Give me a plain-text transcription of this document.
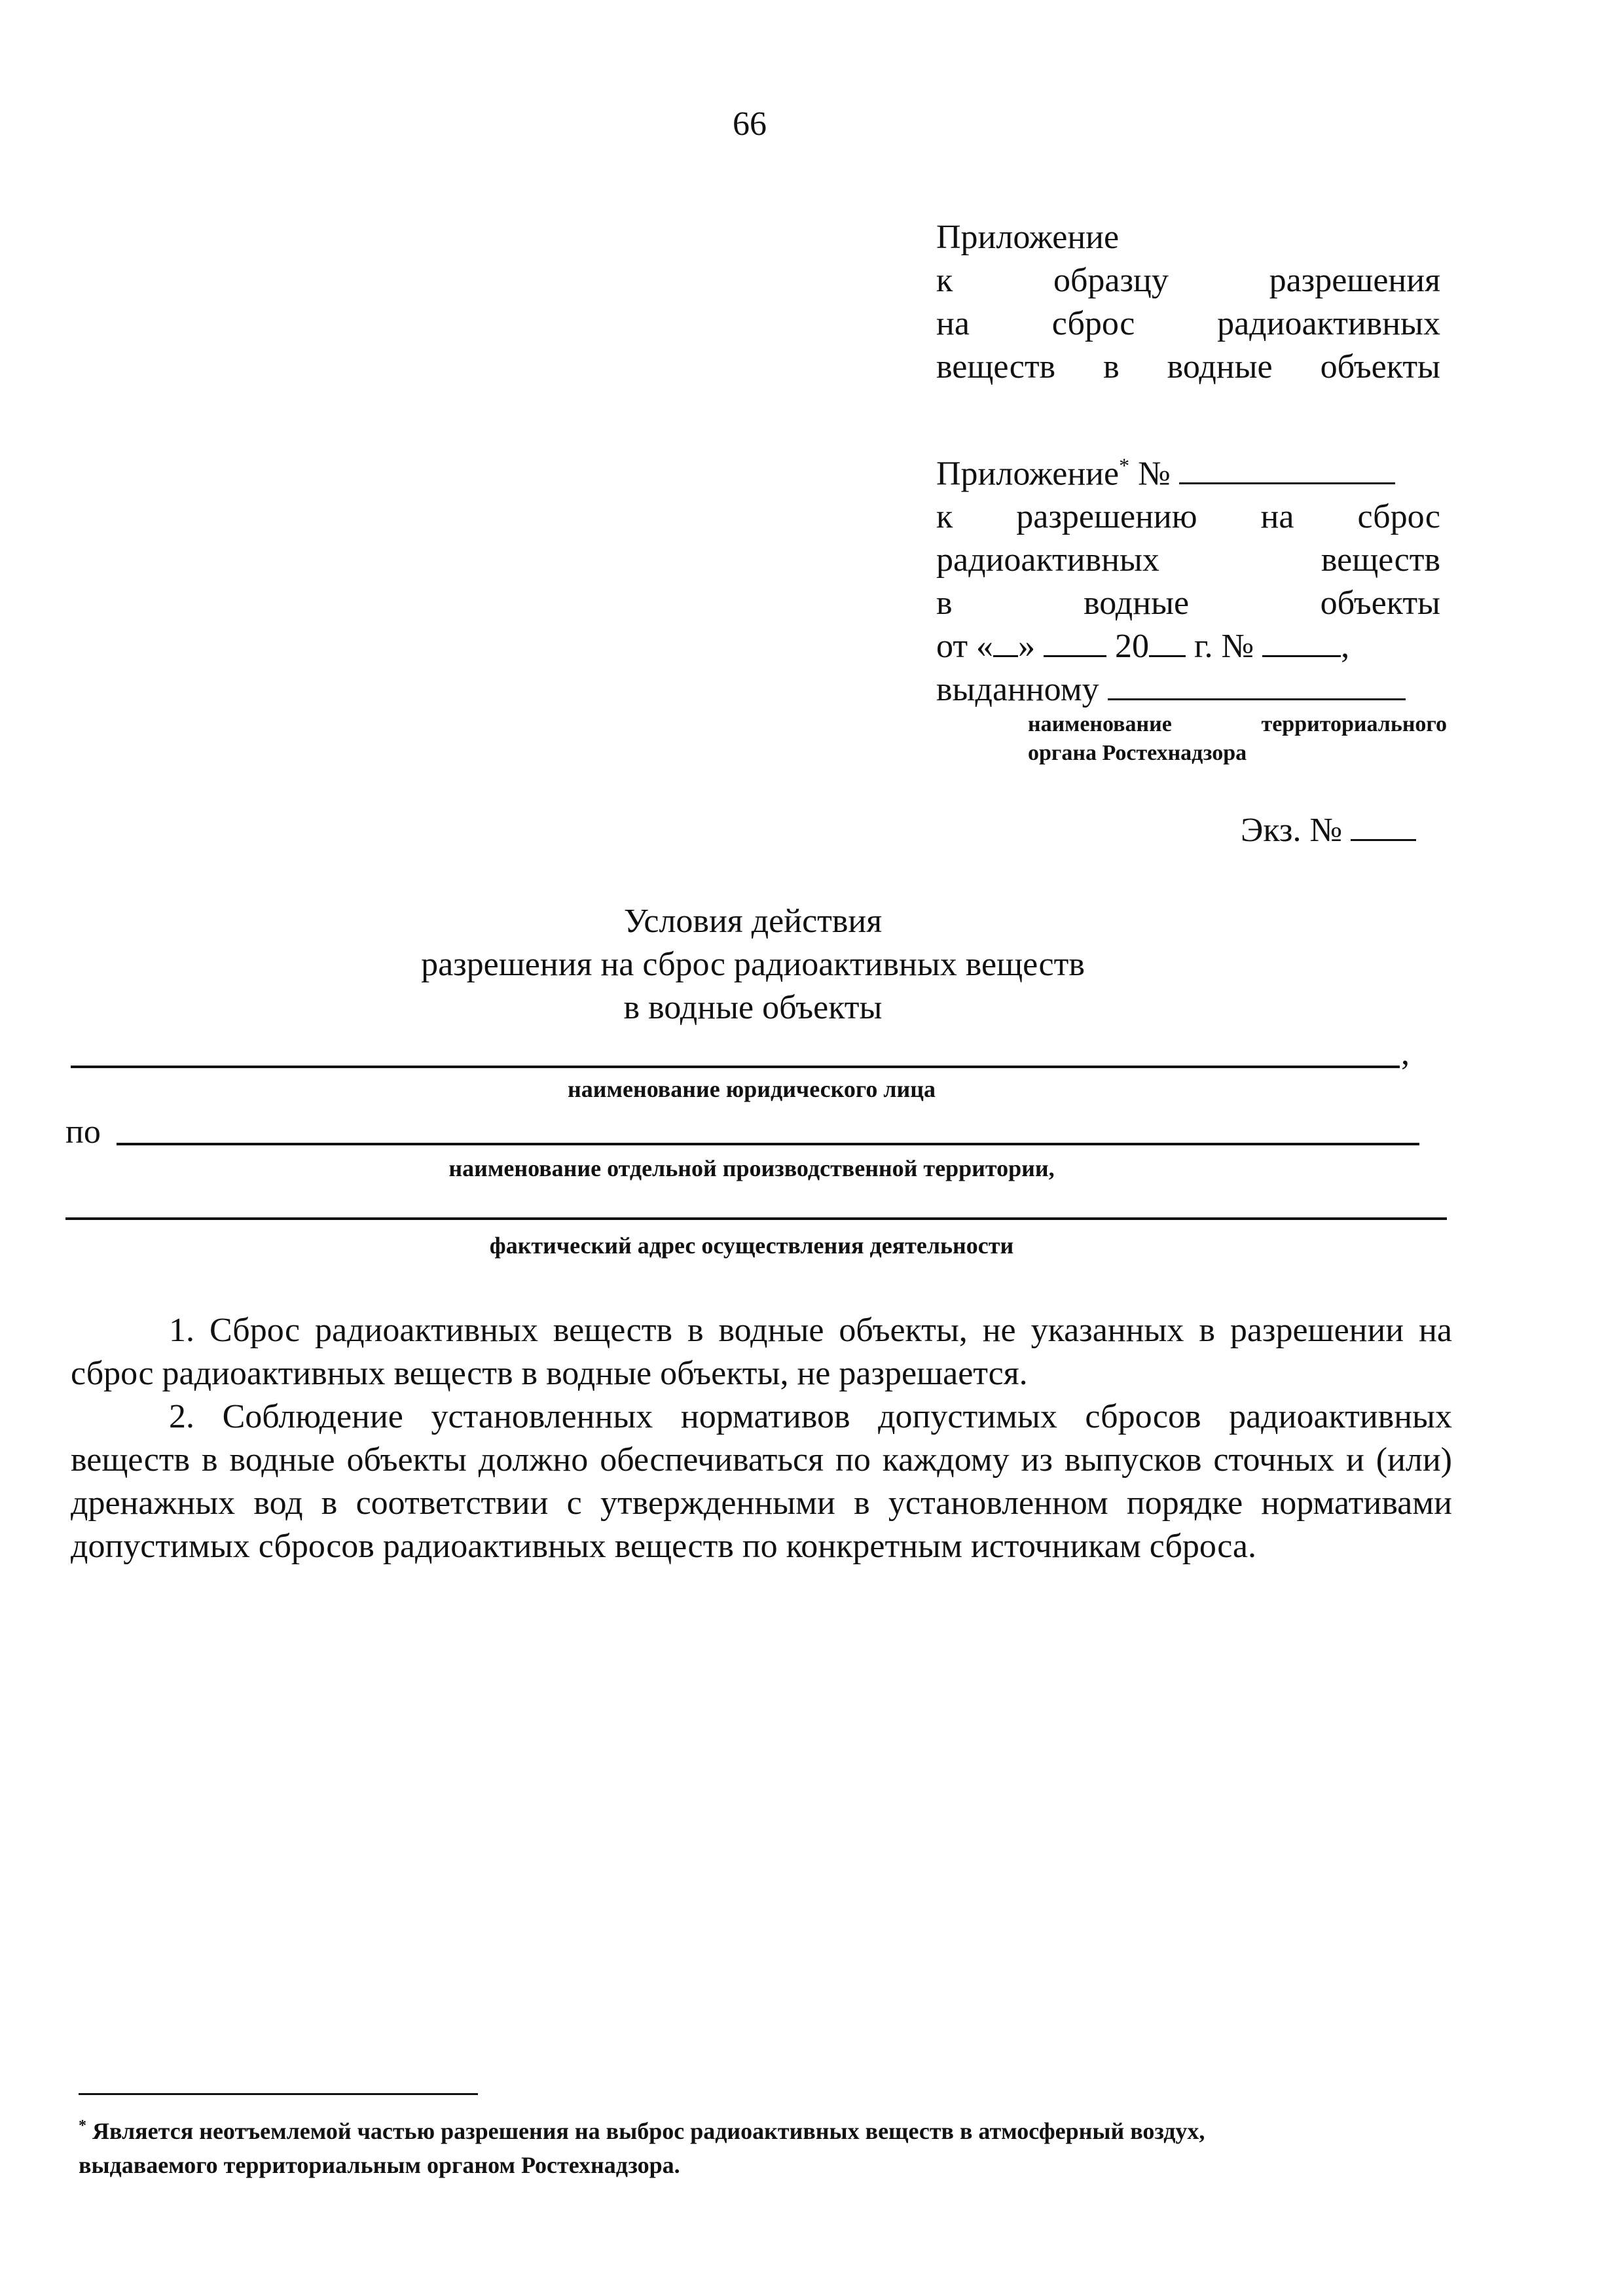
66
Приложение
к образцу разрешения
на сброс радиоактивных
веществ в водные объекты
Приложение* №
к разрешению на сброс
радиоактивных веществ
в водные объекты
от « » 20 г. №	,
выданному
наименование территориального
органа Ростехнадзора
Экз. №
Условия действия
разрешения на сброс радиоактивных веществ
в водные объекты
,
наименование юридического лица
по
наименование отдельной производственной территории,
фактический адрес осуществления деятельности
1. Сброс радиоактивных веществ в водные объекты, не указанных в разрешении на сброс радиоактивных веществ в водные объекты, не разрешается.
2. Соблюдение установленных нормативов допустимых сбросов радиоактивных веществ в водные объекты должно обеспечиваться по каждому из выпусков сточных и (или) дренажных вод в соответствии с утвержденными в установленном порядке нормативами допустимых сбросов радиоактивных веществ по конкретным источникам сброса.
* Является неотъемлемой частью разрешения на выброс радиоактивных веществ в атмосферный воздух,
выдаваемого территориальным органом Ростехнадзора.
